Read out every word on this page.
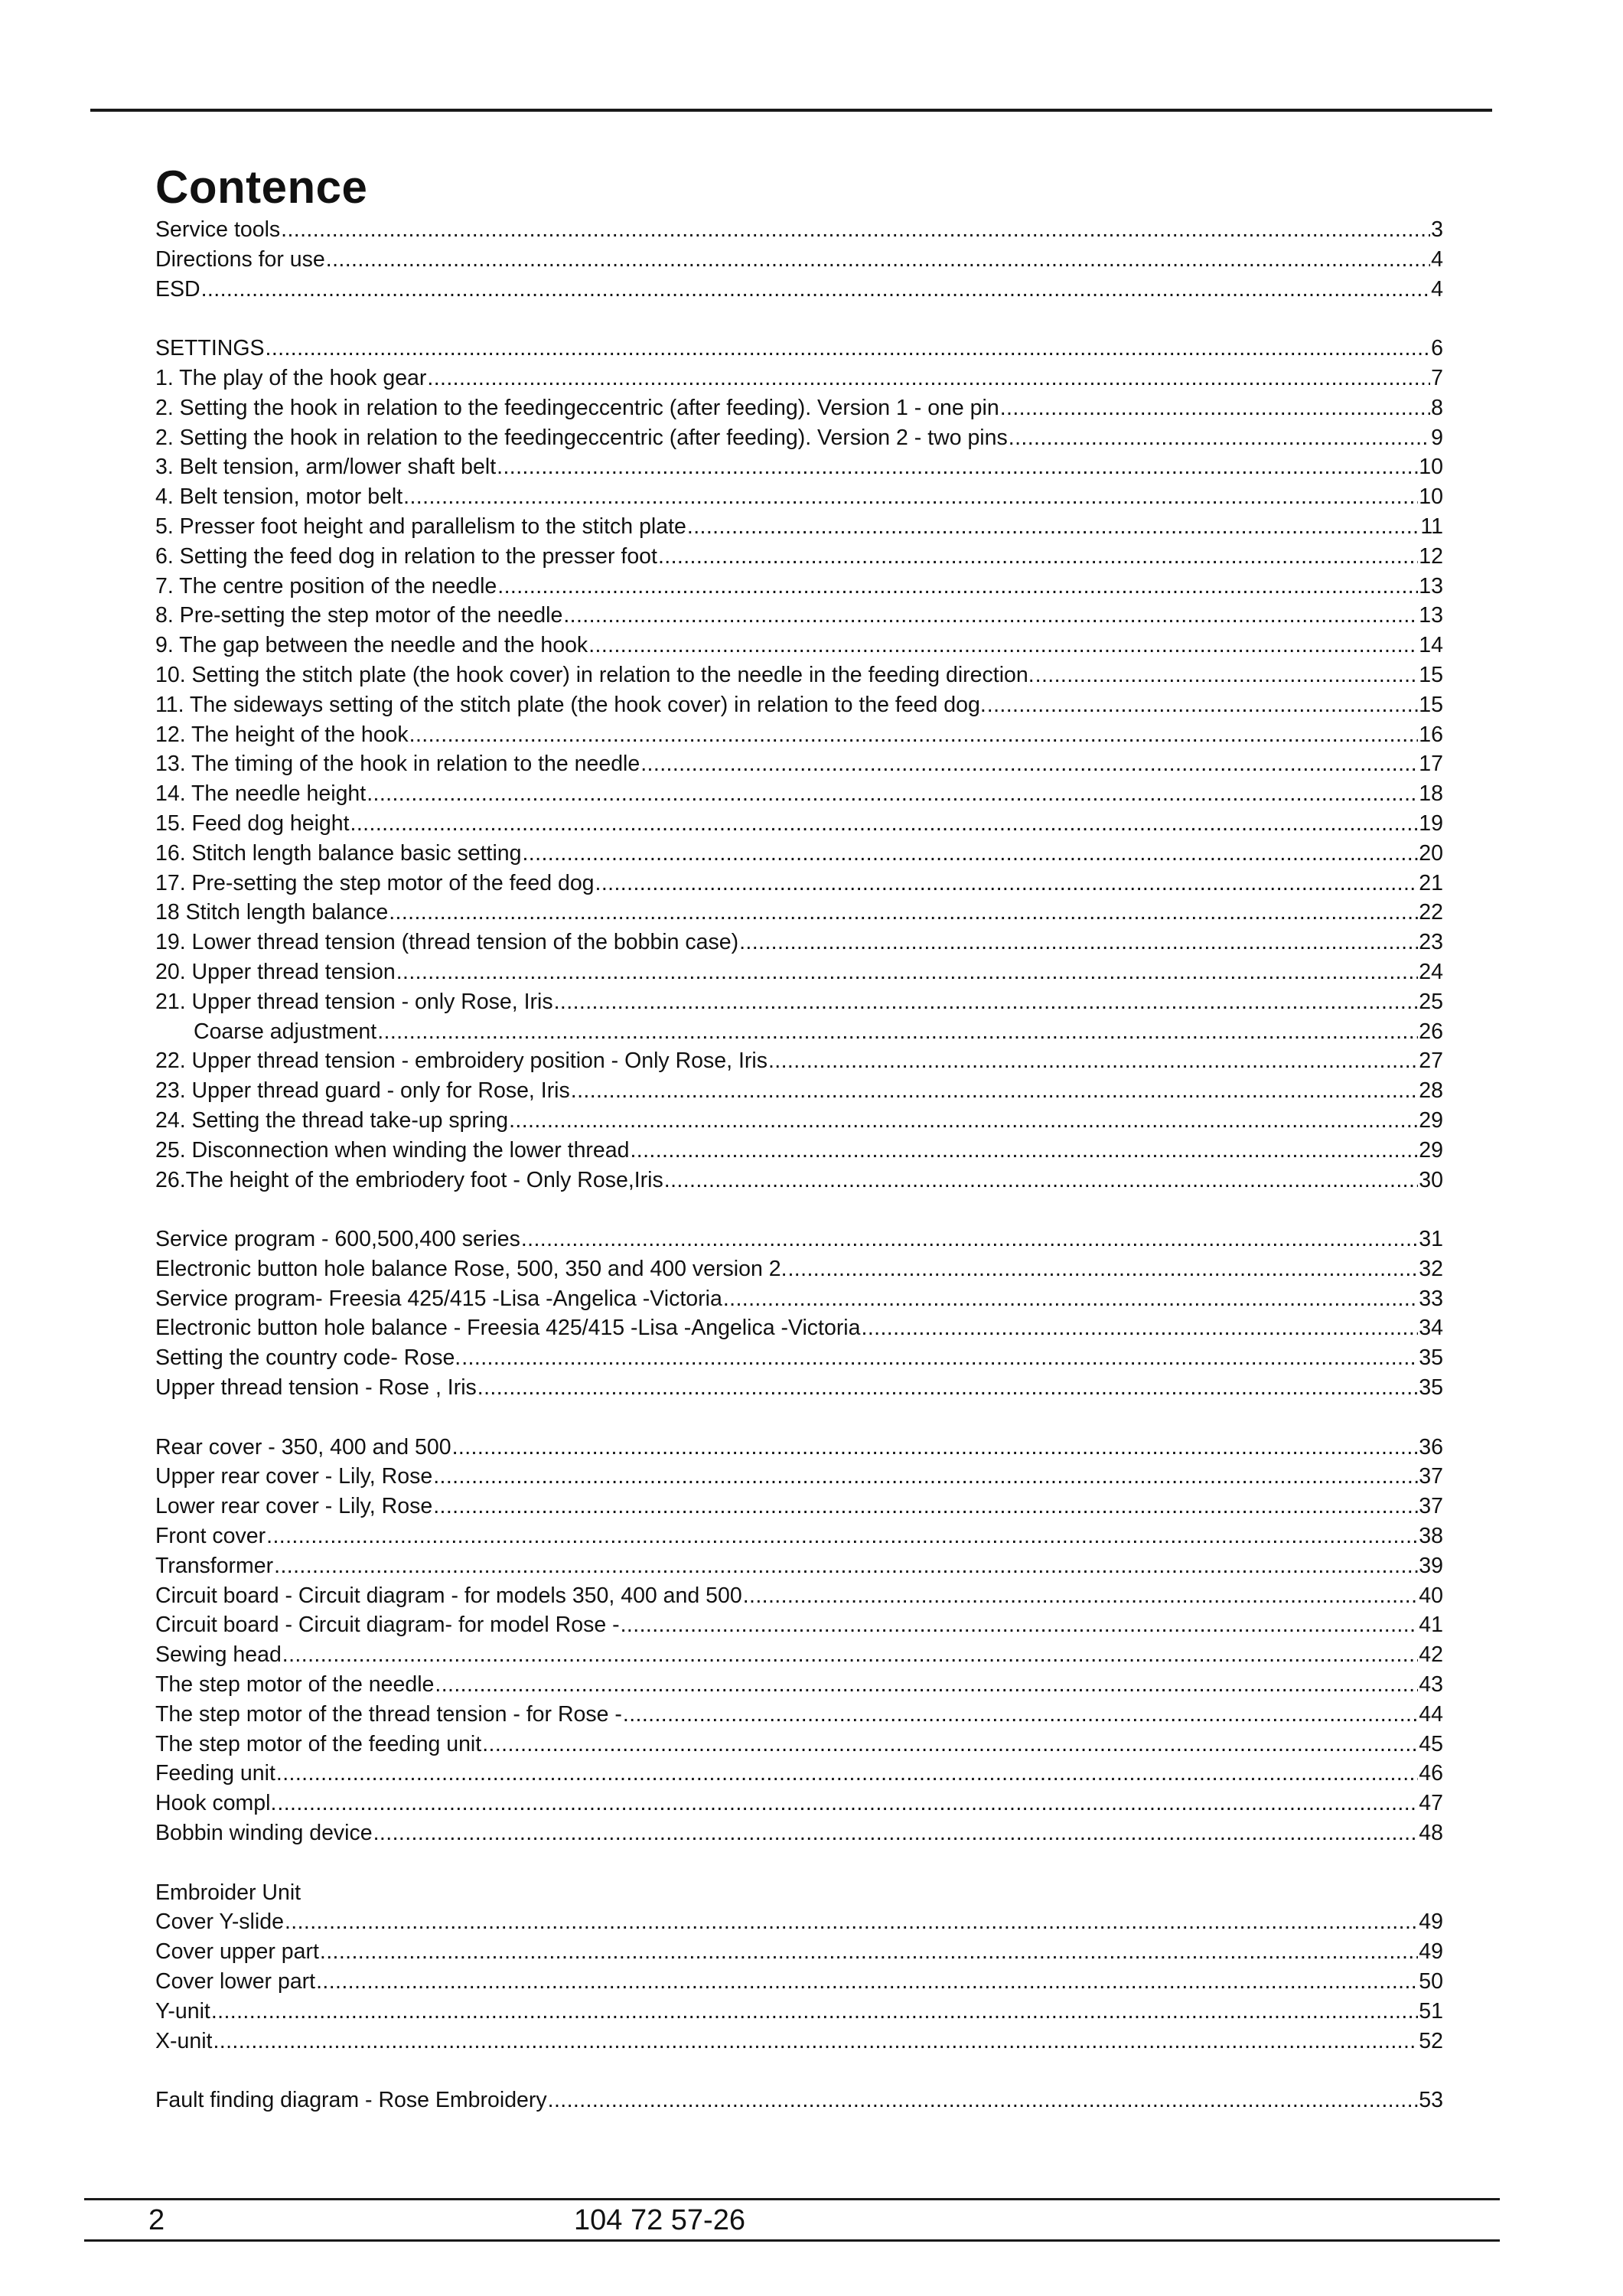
Contence
Service tools .....	3
Directions for use .....	4
ESD .....	4
SETTINGS .....	6
1. The play of the hook gear .....	7
2. Setting the hook in relation to the feedingeccentric (after feeding). Version 1 - one pin .....	8
2. Setting the hook in relation to the feedingeccentric (after feeding). Version 2 - two pins .....	9
3. Belt tension, arm/lower shaft belt .....	10
4. Belt tension, motor belt .....	10
5. Presser foot height and parallelism to the stitch plate .....	11
6. Setting the feed dog in relation to the presser foot .....	12
7. The centre position of the needle .....	13
8. Pre-setting the step motor of the needle .....	13
9. The gap between the needle and the hook .....	14
10. Setting the stitch plate (the hook cover) in relation to the needle in the feeding direction. .....	15
11. The sideways setting of the stitch plate (the hook cover) in relation to the feed dog. .....	15
12. The height of the hook .....	16
13. The timing of the hook in relation to the needle .....	17
14. The needle height .....	18
15. Feed dog height .....	19
16. Stitch length balance basic setting .....	20
17. Pre-setting the step motor of the feed dog .....	21
18 Stitch length balance .....	22
19. Lower thread tension (thread tension of the bobbin case) .....	23
20. Upper thread tension .....	24
21. Upper thread tension - only Rose, Iris .....	25
Coarse adjustment .....	26
22. Upper thread tension - embroidery position - Only Rose, Iris .....	27
23. Upper thread guard - only for Rose, Iris .....	28
24. Setting the thread take-up spring .....	29
25. Disconnection when winding the lower thread .....	29
26.The height of the embriodery foot - Only Rose,Iris .....	30
Service program - 600,500,400 series .....	31
Electronic button hole balance Rose, 500, 350 and 400 version 2. .....	32
Service program- Freesia 425/415 -Lisa -Angelica -Victoria .....	33
Electronic button hole balance - Freesia 425/415 -Lisa -Angelica -Victoria .....	34
Setting the country code- Rose. .....	35
Upper thread tension - Rose , Iris .....	35
Rear cover - 350, 400 and 500 .....	36
Upper rear cover - Lily, Rose .....	37
Lower rear cover - Lily, Rose .....	37
Front cover .....	38
Transformer .....	39
Circuit board - Circuit diagram - for models 350, 400 and 500 .....	40
Circuit board - Circuit diagram- for model Rose - .....	41
Sewing head .....	42
The step motor of the needle .....	43
The step motor of the thread tension - for Rose - .....	44
The step motor of the feeding unit .....	45
Feeding unit .....	46
Hook compl. .....	47
Bobbin winding device .....	48
Embroider Unit
Cover Y-slide .....	49
Cover upper part .....	49
Cover lower part .....	50
Y-unit .....	51
X-unit .....	52
Fault finding diagram - Rose Embroidery .....	53
2	104 72 57-26
